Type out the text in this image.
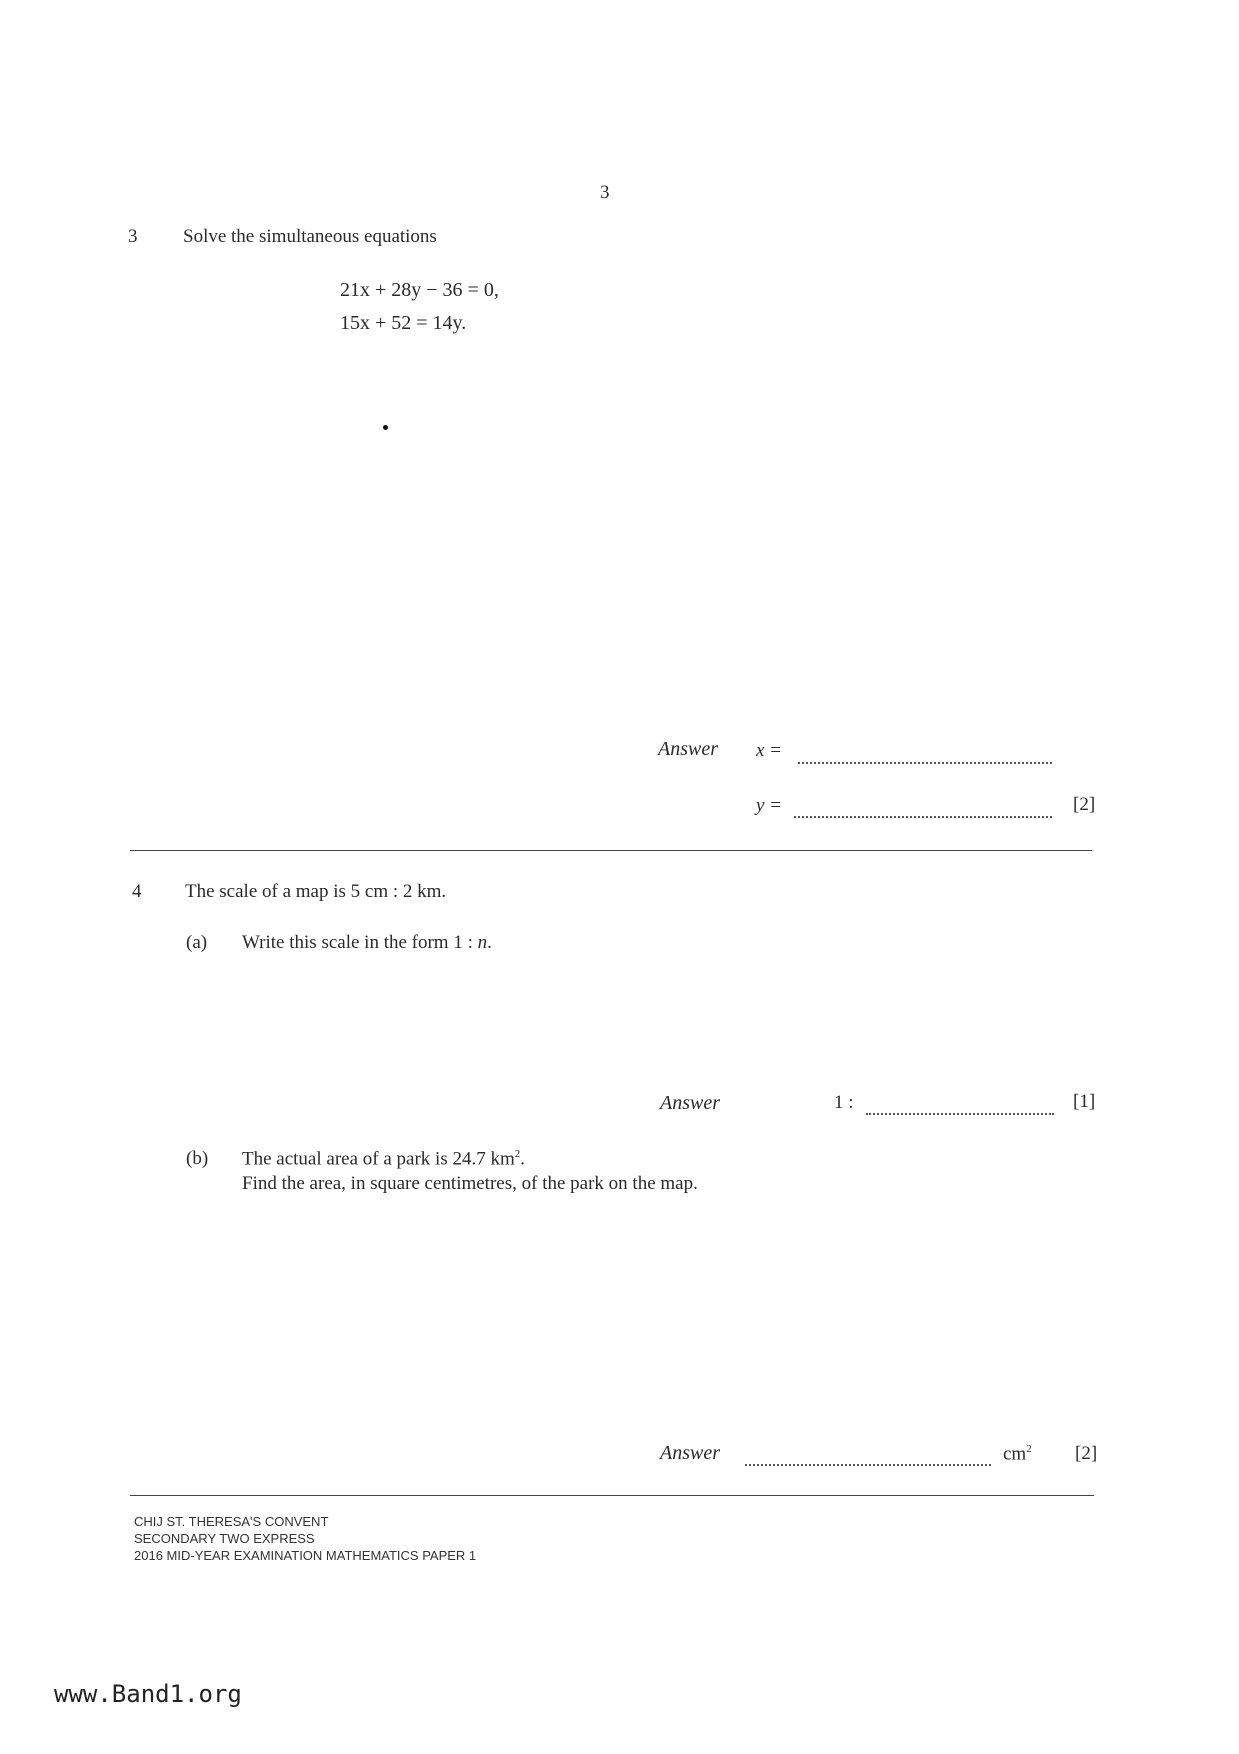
3
3 Solve the simultaneous equations
21x + 28y − 36 = 0,
15x + 52 = 14y.
Answer x =
y =	[2]
4 The scale of a map is 5 cm : 2 km.
(a) Write this scale in the form 1 : n.
Answer	1 :	[1]
(b) The actual area of a park is 24.7 $km^2$.
Find the area, in square centimetres, of the park on the map.
Answer	$cm^2$ [2]
CHIJ ST. THERESA'S CONVENT
SECONDARY TWO EXPRESS
2016 MID-YEAR EXAMINATION MATHEMATICS PAPER 1
www.Band1.org
